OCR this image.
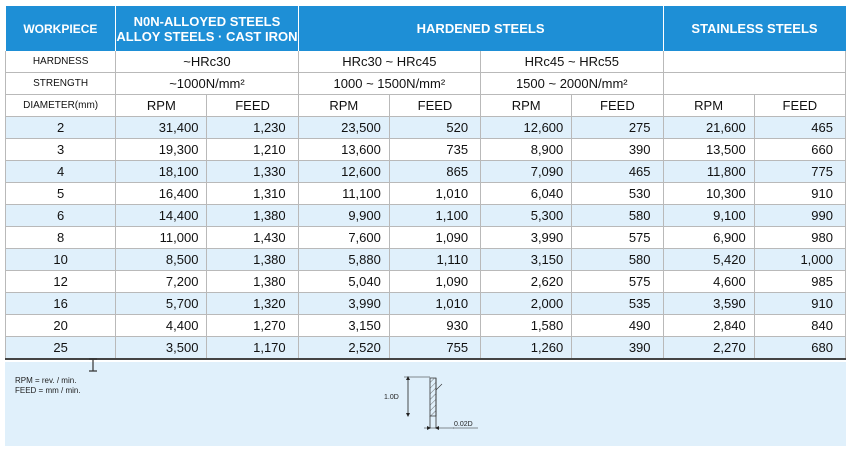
WORKPIECE	N0N-ALLOYED STEELS
ALLOY STEELS · CAST IRON		HARDENED STEELS				STAINLESS STEELS	
HARDNESS	~HRc30		HRc30 ~ HRc45		HRc45 ~ HRc55			
STRENGTH	~1000N/mm²		1000 ~ 1500N/mm²		1500 ~ 2000N/mm²			
DIAMETER(mm)	RPM	FEED	RPM	FEED	RPM	FEED	RPM	FEED
2	31,400	1,230	23,500	520	12,600	275	21,600	465
3	19,300	1,210	13,600	735	8,900	390	13,500	660
4	18,100	1,330	12,600	865	7,090	465	11,800	775
5	16,400	1,310	11,100	1,010	6,040	530	10,300	910
6	14,400	1,380	9,900	1,100	5,300	580	9,100	990
8	11,000	1,430	7,600	1,090	3,990	575	6,900	980
10	8,500	1,380	5,880	1,110	3,150	580	5,420	1,000
12	7,200	1,380	5,040	1,090	2,620	575	4,600	985
16	5,700	1,320	3,990	1,010	2,000	535	3,590	910
20	4,400	1,270	3,150	930	1,580	490	2,840	840
25	3,500	1,170	2,520	755	1,260	390	2,270	680
RPM = rev. / min.
FEED = mm / min.
1.0D
0.02D
